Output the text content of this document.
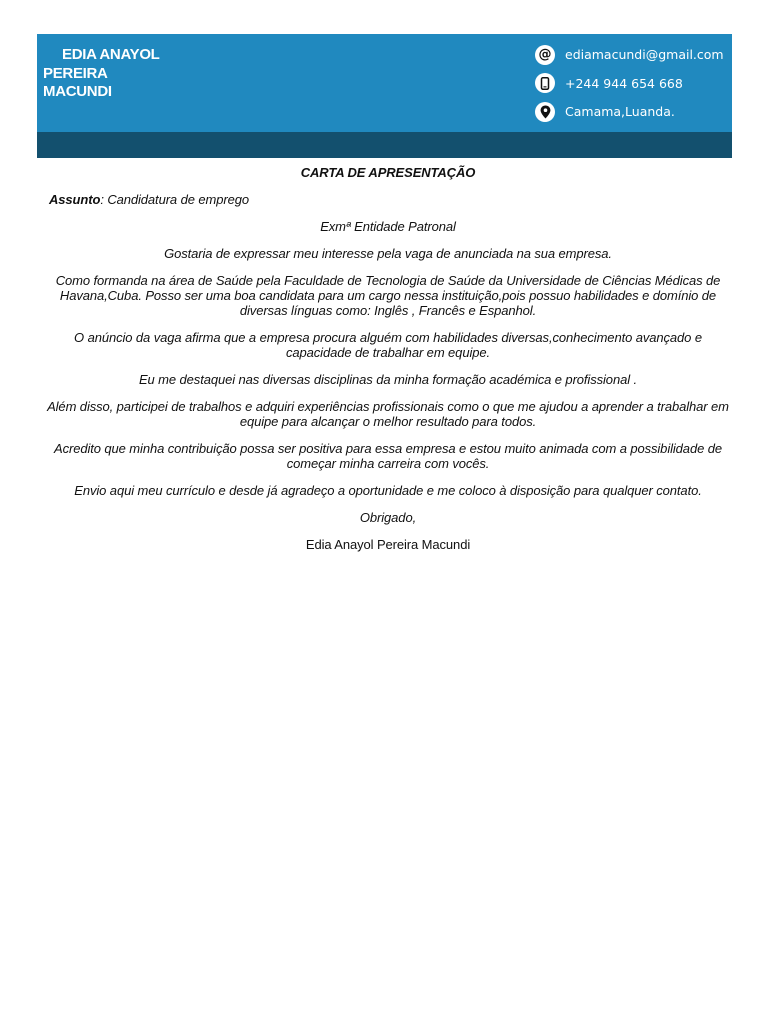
EDIA ANAYOL
PEREIRA
MACUNDI
@ ediamacundi@gmail.com
+244 944 654 668
Camama,Luanda.

CARTA DE APRESENTAÇÃO

Assunto: Candidatura de emprego

Exmª Entidade Patronal

Gostaria de expressar meu interesse pela vaga de anunciada na sua empresa.

Como formanda na área de Saúde pela Faculdade de Tecnologia de Saúde da Universidade de Ciências Médicas de Havana,Cuba. Posso ser uma boa candidata para um cargo nessa instituição,pois possuo habilidades e domínio de diversas línguas como: Inglês , Francês e Espanhol.

O anúncio da vaga afirma que a empresa procura alguém com habilidades diversas,conhecimento avançado e capacidade de trabalhar em equipe.

Eu me destaquei nas diversas disciplinas da minha formação académica e profissional .

Além disso, participei de trabalhos e adquiri experiências profissionais como o que me ajudou a aprender a trabalhar em equipe para alcançar o melhor resultado para todos.

Acredito que minha contribuição possa ser positiva para essa empresa e estou muito animada com a possibilidade de começar minha carreira com vocês.

Envio aqui meu currículo e desde já agradeço a oportunidade e me coloco à disposição para qualquer contato.

Obrigado,

Edia Anayol Pereira Macundi
